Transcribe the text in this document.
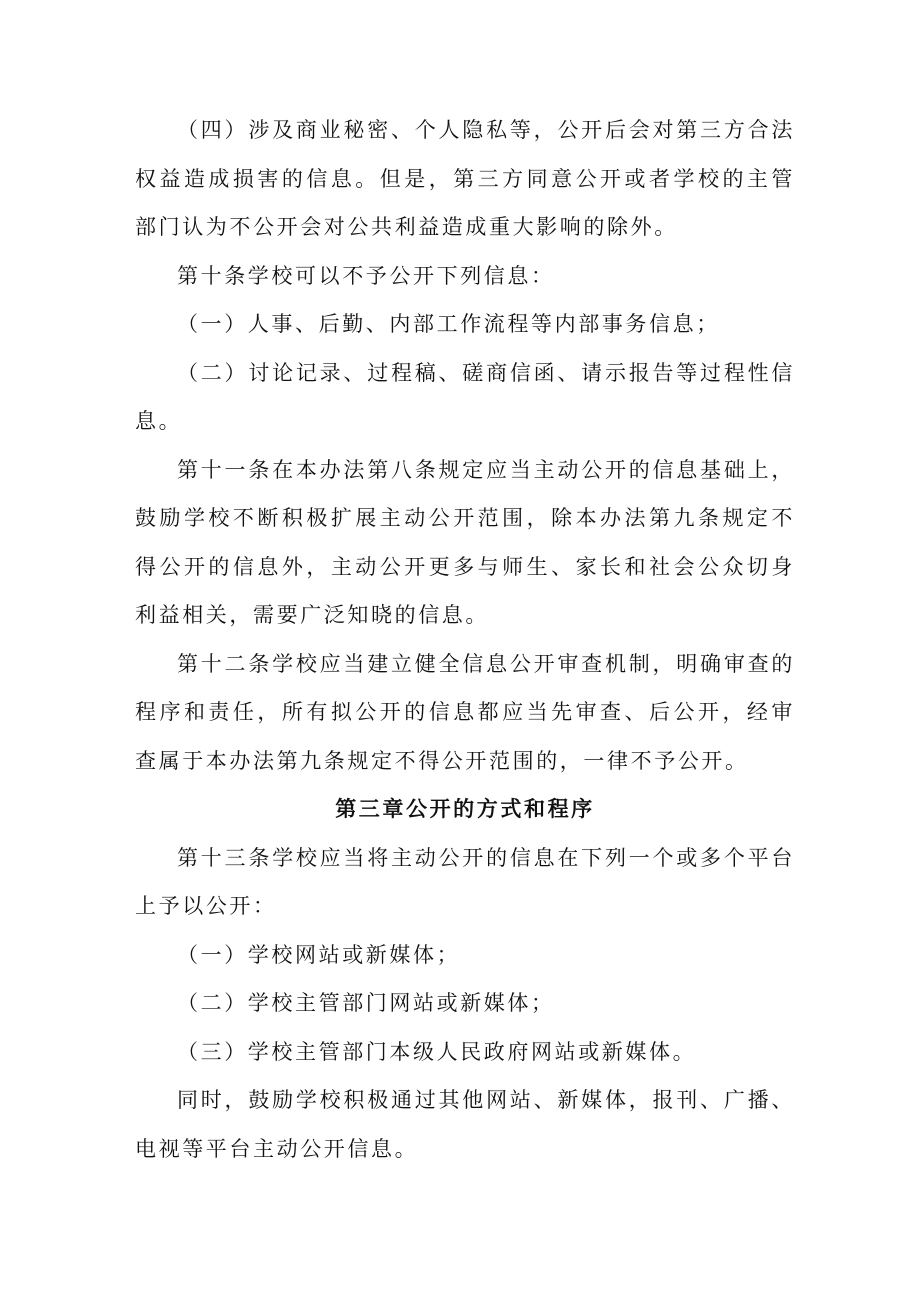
（四）涉及商业秘密、个人隐私等，公开后会对第三方合法权益造成损害的信息。但是，第三方同意公开或者学校的主管部门认为不公开会对公共利益造成重大影响的除外。

第十条学校可以不予公开下列信息：

（一）人事、后勤、内部工作流程等内部事务信息；

（二）讨论记录、过程稿、磋商信函、请示报告等过程性信息。

第十一条在本办法第八条规定应当主动公开的信息基础上，鼓励学校不断积极扩展主动公开范围，除本办法第九条规定不得公开的信息外，主动公开更多与师生、家长和社会公众切身利益相关，需要广泛知晓的信息。

第十二条学校应当建立健全信息公开审查机制，明确审查的程序和责任，所有拟公开的信息都应当先审查、后公开，经审查属于本办法第九条规定不得公开范围的，一律不予公开。

第三章公开的方式和程序

第十三条学校应当将主动公开的信息在下列一个或多个平台上予以公开：

（一）学校网站或新媒体；

（二）学校主管部门网站或新媒体；

（三）学校主管部门本级人民政府网站或新媒体。

同时，鼓励学校积极通过其他网站、新媒体，报刊、广播、电视等平台主动公开信息。
